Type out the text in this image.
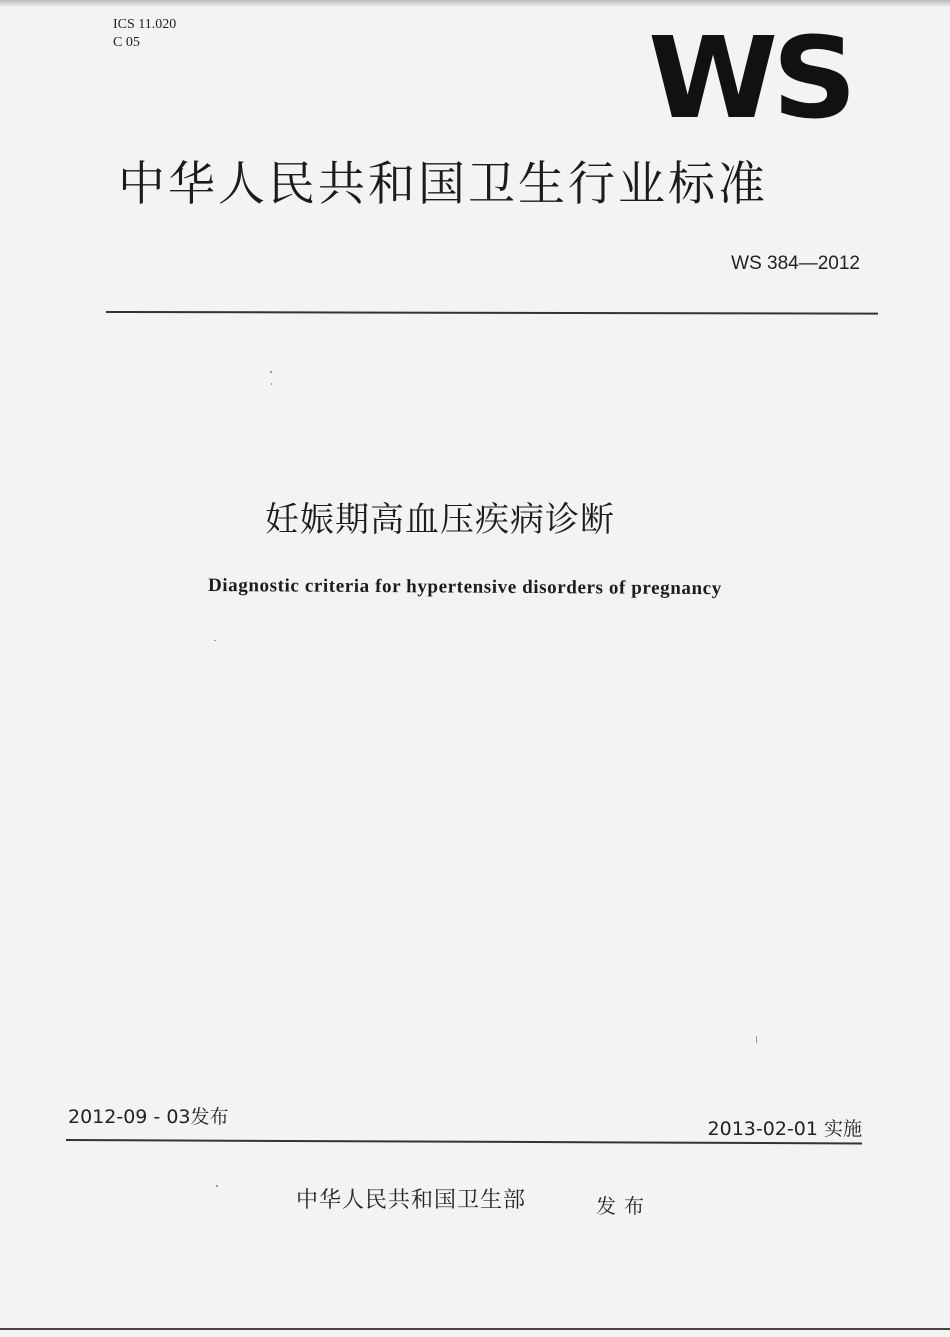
ICS 11.020
C 05	WS
中华人民共和国卫生行业标准
WS 384—2012
妊娠期高血压疾病诊断
Diagnostic criteria for hypertensive disorders of pregnancy
2012-09 - 03发布
2013-02-01 实施
中华人民共和国卫生部	发布
